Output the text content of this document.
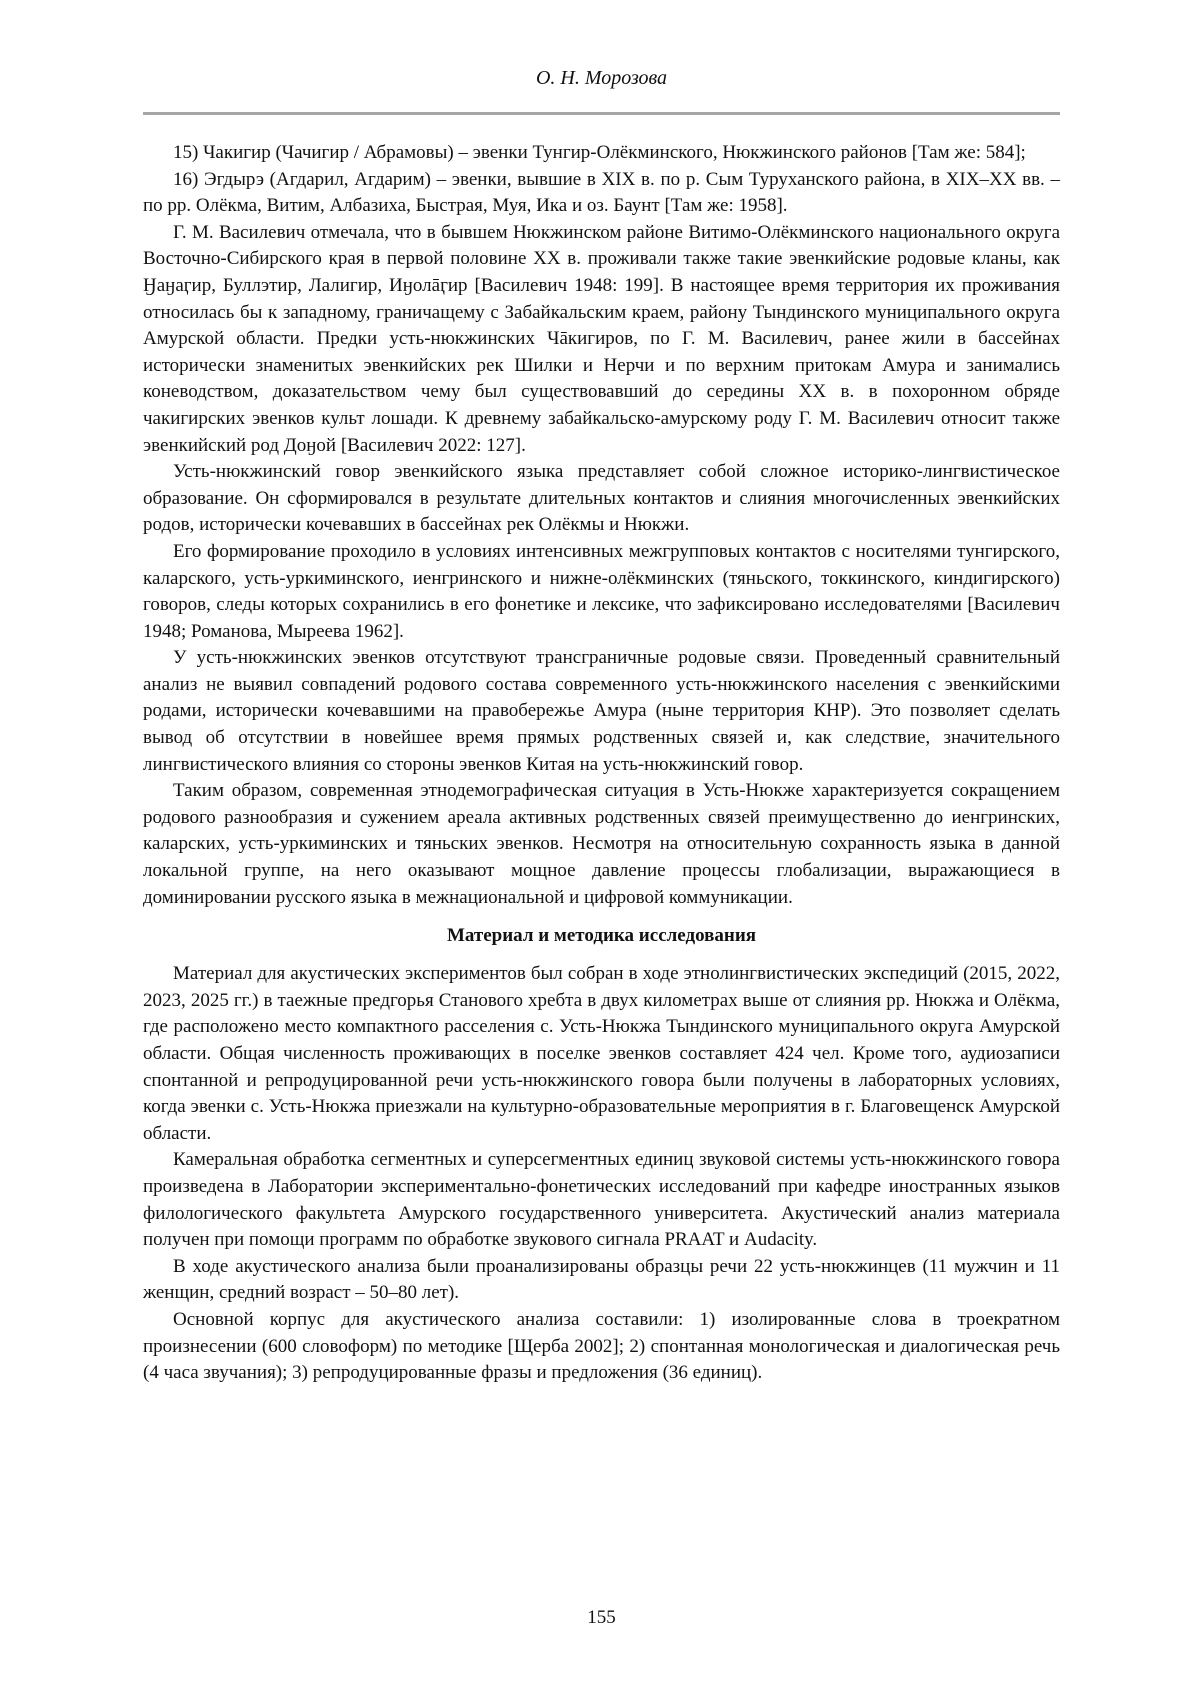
О. Н. Морозова

15) Чакигир (Чачигир / Абрамовы) – эвенки Тунгир-Олёкминского, Нюкжинского районов [Там же: 584];

16) Эгдырэ (Агдарил, Агдарим) – эвенки, вывшие в XIX в. по р. Сым Туруханского района, в XIX–XX вв. – по рр. Олёкма, Витим, Албазиха, Быстрая, Муя, Ика и оз. Баунт [Там же: 1958].

Г. М. Василевич отмечала, что в бывшем Нюкжинском районе Витимо-Олёкминского национального округа Восточно-Сибирского края в первой половине XX в. проживали также такие эвенкийские родовые кланы, как Ӈаӈаӷир, Буллэтир, Лалигир, Иӈолāӷир [Василевич 1948: 199]. В настоящее время территория их проживания относилась бы к западному, граничащему с Забайкальским краем, району Тындинского муниципального округа Амурской области. Предки усть-нюкжинских Чāкигиров, по Г. М. Василевич, ранее жили в бассейнах исторически знаменитых эвенкийских рек Шилки и Нерчи и по верхним притокам Амура и занимались коневодством, доказательством чему был существовавший до середины XX в. в похоронном обряде чакигирских эвенков культ лошади. К древнему забайкальско-амурскому роду Г. М. Василевич относит также эвенкийский род Доӈой [Василевич 2022: 127].

Усть-нюкжинский говор эвенкийского языка представляет собой сложное историко-лингвистическое образование. Он сформировался в результате длительных контактов и слияния многочисленных эвенкийских родов, исторически кочевавших в бассейнах рек Олёкмы и Нюкжи.

Его формирование проходило в условиях интенсивных межгрупповых контактов с носителями тунгирского, каларского, усть-уркиминского, иенгринского и нижне-олёкминских (тяньского, токкинского, киндигирского) говоров, следы которых сохранились в его фонетике и лексике, что зафиксировано исследователями [Василевич 1948; Романова, Мыреева 1962].

У усть-нюкжинских эвенков отсутствуют трансграничные родовые связи. Проведенный сравнительный анализ не выявил совпадений родового состава современного усть-нюкжинского населения с эвенкийскими родами, исторически кочевавшими на правобережье Амура (ныне территория КНР). Это позволяет сделать вывод об отсутствии в новейшее время прямых родственных связей и, как следствие, значительного лингвистического влияния со стороны эвенков Китая на усть-нюкжинский говор.

Таким образом, современная этнодемографическая ситуация в Усть-Нюкже характеризуется сокращением родового разнообразия и сужением ареала активных родственных связей преимущественно до иенгринских, каларских, усть-уркиминских и тяньских эвенков. Несмотря на относительную сохранность языка в данной локальной группе, на него оказывают мощное давление процессы глобализации, выражающиеся в доминировании русского языка в межнациональной и цифровой коммуникации.

Материал и методика исследования

Материал для акустических экспериментов был собран в ходе этнолингвистических экспедиций (2015, 2022, 2023, 2025 гг.) в таежные предгорья Станового хребта в двух километрах выше от слияния рр. Нюкжа и Олёкма, где расположено место компактного расселения с. Усть-Нюкжа Тындинского муниципального округа Амурской области. Общая численность проживающих в поселке эвенков составляет 424 чел. Кроме того, аудиозаписи спонтанной и репродуцированной речи усть-нюкжинского говора были получены в лабораторных условиях, когда эвенки с. Усть-Нюкжа приезжали на культурно-образовательные мероприятия в г. Благовещенск Амурской области.

Камеральная обработка сегментных и суперсегментных единиц звуковой системы усть-нюкжинского говора произведена в Лаборатории экспериментально-фонетических исследований при кафедре иностранных языков филологического факультета Амурского государственного университета. Акустический анализ материала получен при помощи программ по обработке звукового сигнала PRAAT и Audacity.

В ходе акустического анализа были проанализированы образцы речи 22 усть-нюкжинцев (11 мужчин и 11 женщин, средний возраст – 50–80 лет).

Основной корпус для акустического анализа составили: 1) изолированные слова в троекратном произнесении (600 словоформ) по методике [Щерба 2002]; 2) спонтанная монологическая и диалогическая речь (4 часа звучания); 3) репродуцированные фразы и предложения (36 единиц).

155
